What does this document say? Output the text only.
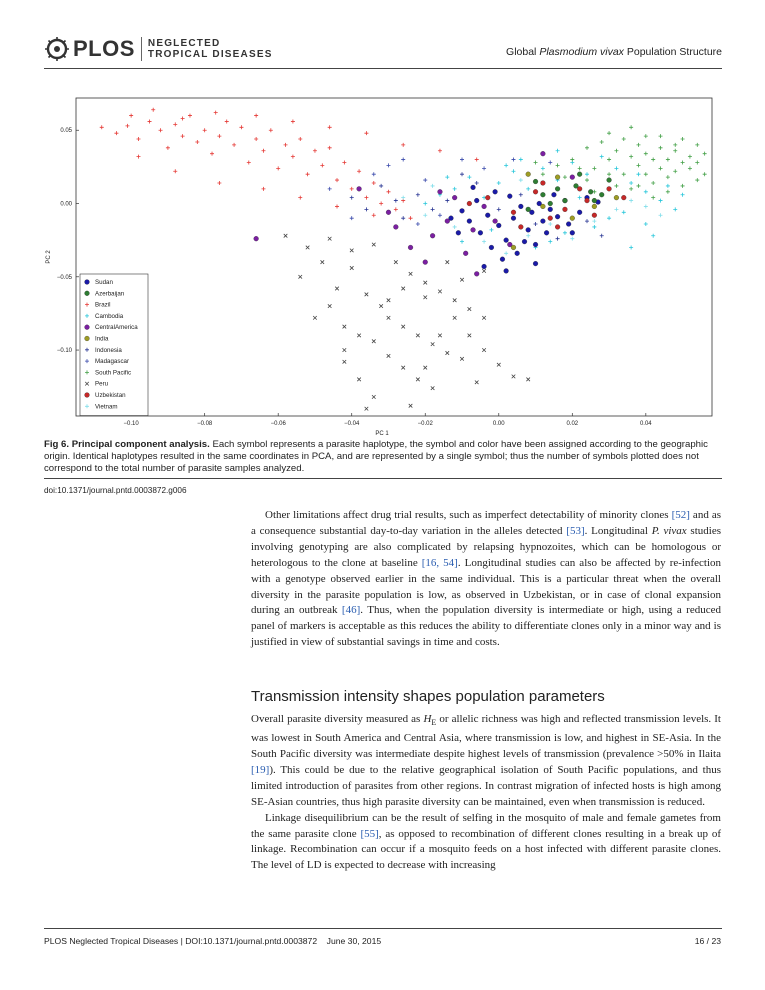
PLOS NEGLECTED
TROPICAL DISEASES	Global Plasmodium vivax Population Structure
−0.10	−0.08	−0.06	−0.04	−0.02	0.00	0.02	0.04
0.05
0.00
−0.05
−0.10
PC 1
PC 2
Sudan
Azerbaijan
Brazil
Cambodia
CentralAmerica
India
Indonesia
Madagascar
South Pacific
Peru
Uzbekistan
Vietnam
Fig 6. Principal component analysis. Each symbol represents a parasite haplotype, the symbol and color have been assigned according to the geographic origin. Identical haplotypes resulted in the same coordinates in PCA, and are represented by a single symbol; thus the number of symbols plotted does not correspond to the total number of parasite samples analyzed.
doi:10.1371/journal.pntd.0003872.g006

Other limitations affect drug trial results, such as imperfect detectability of minority clones [52] and as a consequence substantial day-to-day variation in the alleles detected [53]. Longitudinal P. vivax studies involving genotyping are also complicated by relapsing hypnozoites, which can be homologous or heterologous to the clone at baseline [16, 54]. Longitudinal studies can also be affected by re-infection with a genotype observed earlier in the same individual. This is a particular threat when the overall diversity in the parasite population is low, as observed in Uzbekistan, or in case of clonal expansion during an outbreak [46]. Thus, when the population diversity is intermediate or high, using a reduced panel of markers is acceptable as this reduces the ability to differentiate clones only in a minor way and is justified in view of substantial savings in time and costs.

Transmission intensity shapes population parameters

Overall parasite diversity measured as $H_E$ or allelic richness was high and reflected transmission levels. It was lowest in South America and Central Asia, where transmission is low, and highest in SE-Asia. In the South Pacific diversity was intermediate despite highest levels of transmission (prevalence >50% in Ilaita [19]). This could be due to the relative geographical isolation of South Pacific populations, and thus limited introduction of parasites from other regions. In contrast migration of infected hosts is high among SE-Asian countries, thus high parasite diversity can be maintained, even when transmission is reduced.

Linkage disequilibrium can be the result of selfing in the mosquito of male and female gametes from the same parasite clone [55], as opposed to recombination of different clones resulting in a break up of linkage. Recombination can occur if a mosquito feeds on a host infected with different parasite clones. The level of LD is expected to decrease with increasing

PLOS Neglected Tropical Diseases | DOI:10.1371/journal.pntd.0003872    June 30, 2015	16 / 23
